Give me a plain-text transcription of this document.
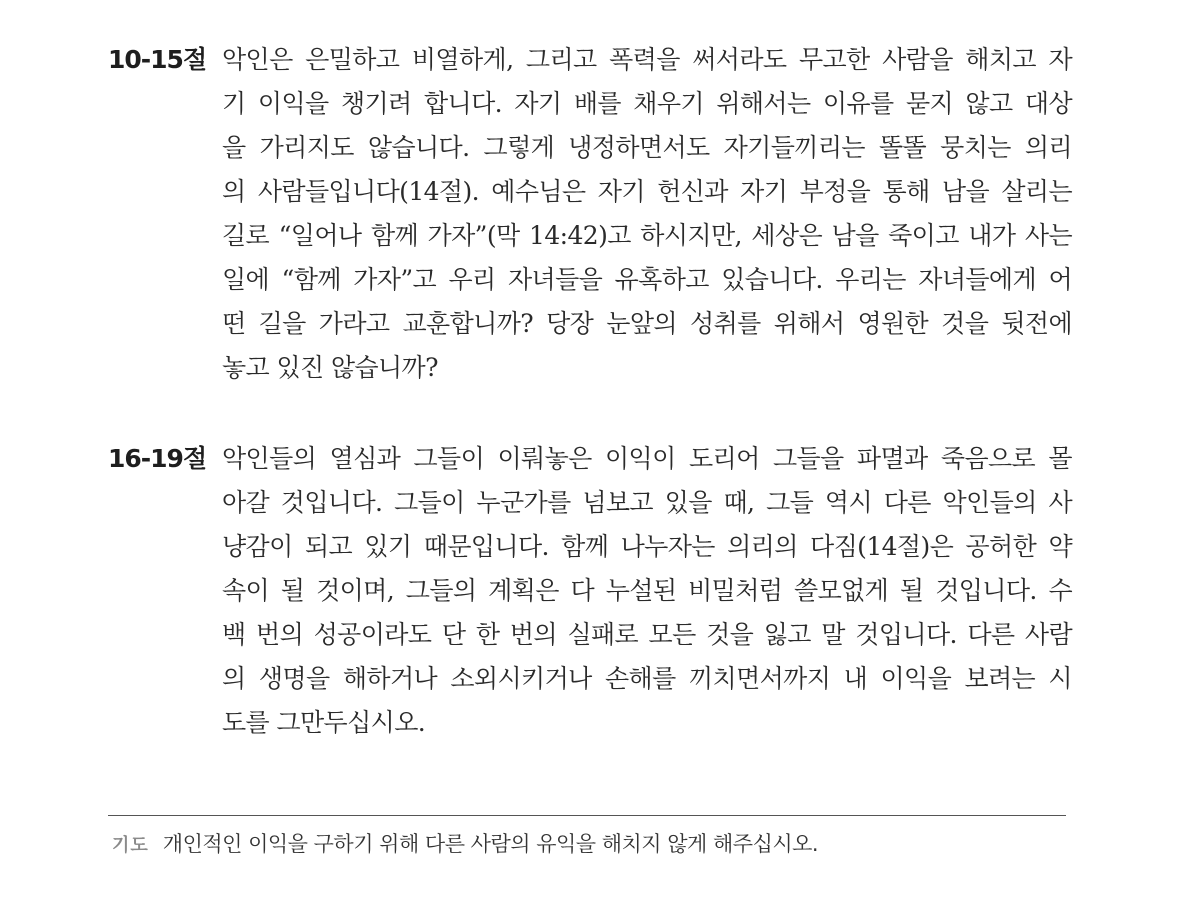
10-15절 악인은 은밀하고 비열하게, 그리고 폭력을 써서라도 무고한 사람을 해치고 자
기 이익을 챙기려 합니다. 자기 배를 채우기 위해서는 이유를 묻지 않고 대상
을 가리지도 않습니다. 그렇게 냉정하면서도 자기들끼리는 똘똘 뭉치는 의리
의 사람들입니다(14절). 예수님은 자기 헌신과 자기 부정을 통해 남을 살리는
길로 “일어나 함께 가자”(막 14:42)고 하시지만, 세상은 남을 죽이고 내가 사는
일에 “함께 가자”고 우리 자녀들을 유혹하고 있습니다. 우리는 자녀들에게 어
떤 길을 가라고 교훈합니까? 당장 눈앞의 성취를 위해서 영원한 것을 뒷전에
놓고 있진 않습니까?
16-19절 악인들의 열심과 그들이 이뤄놓은 이익이 도리어 그들을 파멸과 죽음으로 몰
아갈 것입니다. 그들이 누군가를 넘보고 있을 때, 그들 역시 다른 악인들의 사
냥감이 되고 있기 때문입니다. 함께 나누자는 의리의 다짐(14절)은 공허한 약
속이 될 것이며, 그들의 계획은 다 누설된 비밀처럼 쓸모없게 될 것입니다. 수
백 번의 성공이라도 단 한 번의 실패로 모든 것을 잃고 말 것입니다. 다른 사람
의 생명을 해하거나 소외시키거나 손해를 끼치면서까지 내 이익을 보려는 시
도를 그만두십시오.
기도 개인적인 이익을 구하기 위해 다른 사람의 유익을 해치지 않게 해주십시오.
